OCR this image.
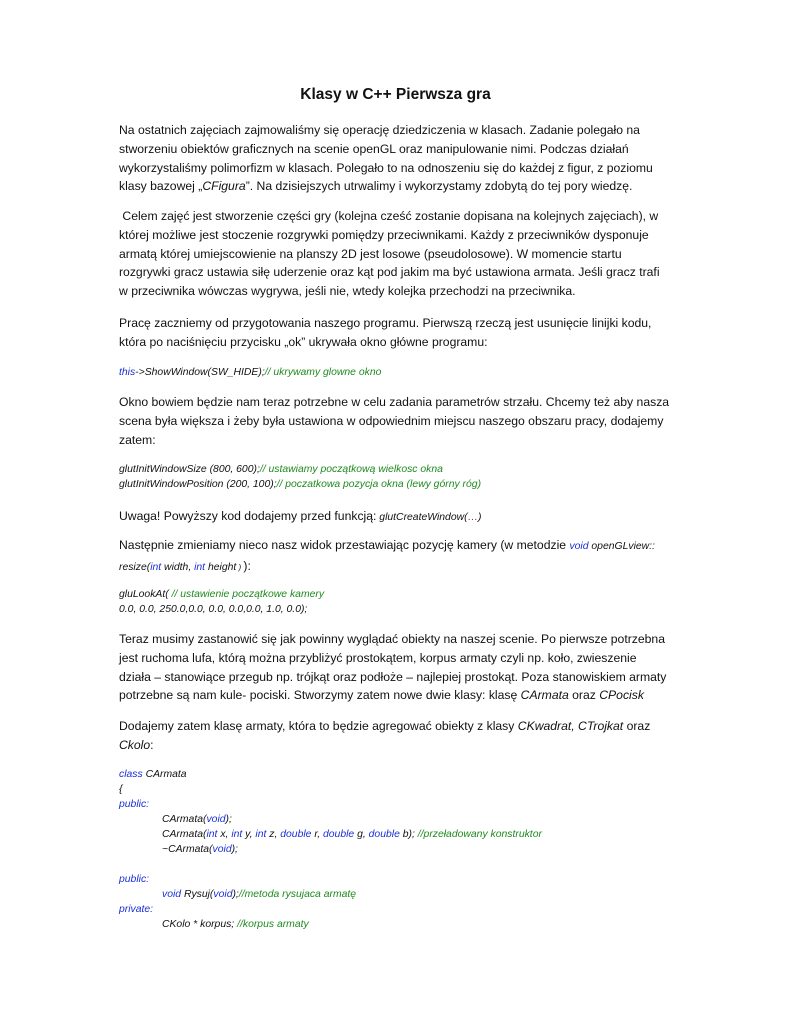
Klasy w C++ Pierwsza gra
Na ostatnich zajęciach zajmowaliśmy się operację dziedziczenia w klasach. Zadanie polegało na
stworzeniu obiektów graficznych na scenie openGL oraz manipulowanie nimi. Podczas działań
wykorzystaliśmy polimorfizm w klasach. Polegało to na odnoszeniu się do każdej z figur, z poziomu
klasy bazowej „CFigura”. Na dzisiejszych utrwalimy i wykorzystamy zdobytą do tej pory wiedzę.
Celem zajęć jest stworzenie części gry (kolejna cześć zostanie dopisana na kolejnych zajęciach), w
której możliwe jest stoczenie rozgrywki pomiędzy przeciwnikami. Każdy z przeciwników dysponuje
armatą której umiejscowienie na planszy 2D jest losowe (pseudolosowe). W momencie startu
rozgrywki gracz ustawia siłę uderzenie oraz kąt pod jakim ma być ustawiona armata. Jeśli gracz trafi
w przeciwnika wówczas wygrywa, jeśli nie, wtedy kolejka przechodzi na przeciwnika.
Pracę zaczniemy od przygotowania naszego programu. Pierwszą rzeczą jest usunięcie linijki kodu,
która po naciśnięciu przycisku „ok” ukrywała okno główne programu:
this->ShowWindow(SW_HIDE);// ukrywamy glowne okno
Okno bowiem będzie nam teraz potrzebne w celu zadania parametrów strzału. Chcemy też aby nasza
scena była większa i żeby była ustawiona w odpowiednim miejscu naszego obszaru pracy, dodajemy
zatem:
glutInitWindowSize (800, 600);// ustawiamy początkową wielkosc okna
glutInitWindowPosition (200, 100);// poczatkowa pozycja okna (lewy górny róg)
Uwaga! Powyższy kod dodajemy przed funkcją: glutCreateWindow(…)
Następnie zmieniamy nieco nasz widok przestawiając pozycję kamery (w metodzie void openGLview::
resize(int width, int height ) ):
gluLookAt( // ustawienie początkowe kamery
0.0, 0.0, 250.0,0.0, 0.0, 0.0,0.0, 1.0, 0.0);
Teraz musimy zastanowić się jak powinny wyglądać obiekty na naszej scenie. Po pierwsze potrzebna
jest ruchoma lufa, którą można przybliżyć prostokątem, korpus armaty czyli np. koło, zwieszenie
działa – stanowiące przegub np. trójkąt oraz podłoże – najlepiej prostokąt. Poza stanowiskiem armaty
potrzebne są nam kule- pociski. Stworzymy zatem nowe dwie klasy: klasę CArmata oraz CPocisk
Dodajemy zatem klasę armaty, która to będzie agregować obiekty z klasy CKwadrat, CTrojkat oraz
Ckolo:
class CArmata
{
public:
CArmata(void);
CArmata(int x, int y, int z, double r, double g, double b); //przeładowany konstruktor
~CArmata(void);

public:
void Rysuj(void);//metoda rysujaca armatę
private:
CKolo * korpus; //korpus armaty
